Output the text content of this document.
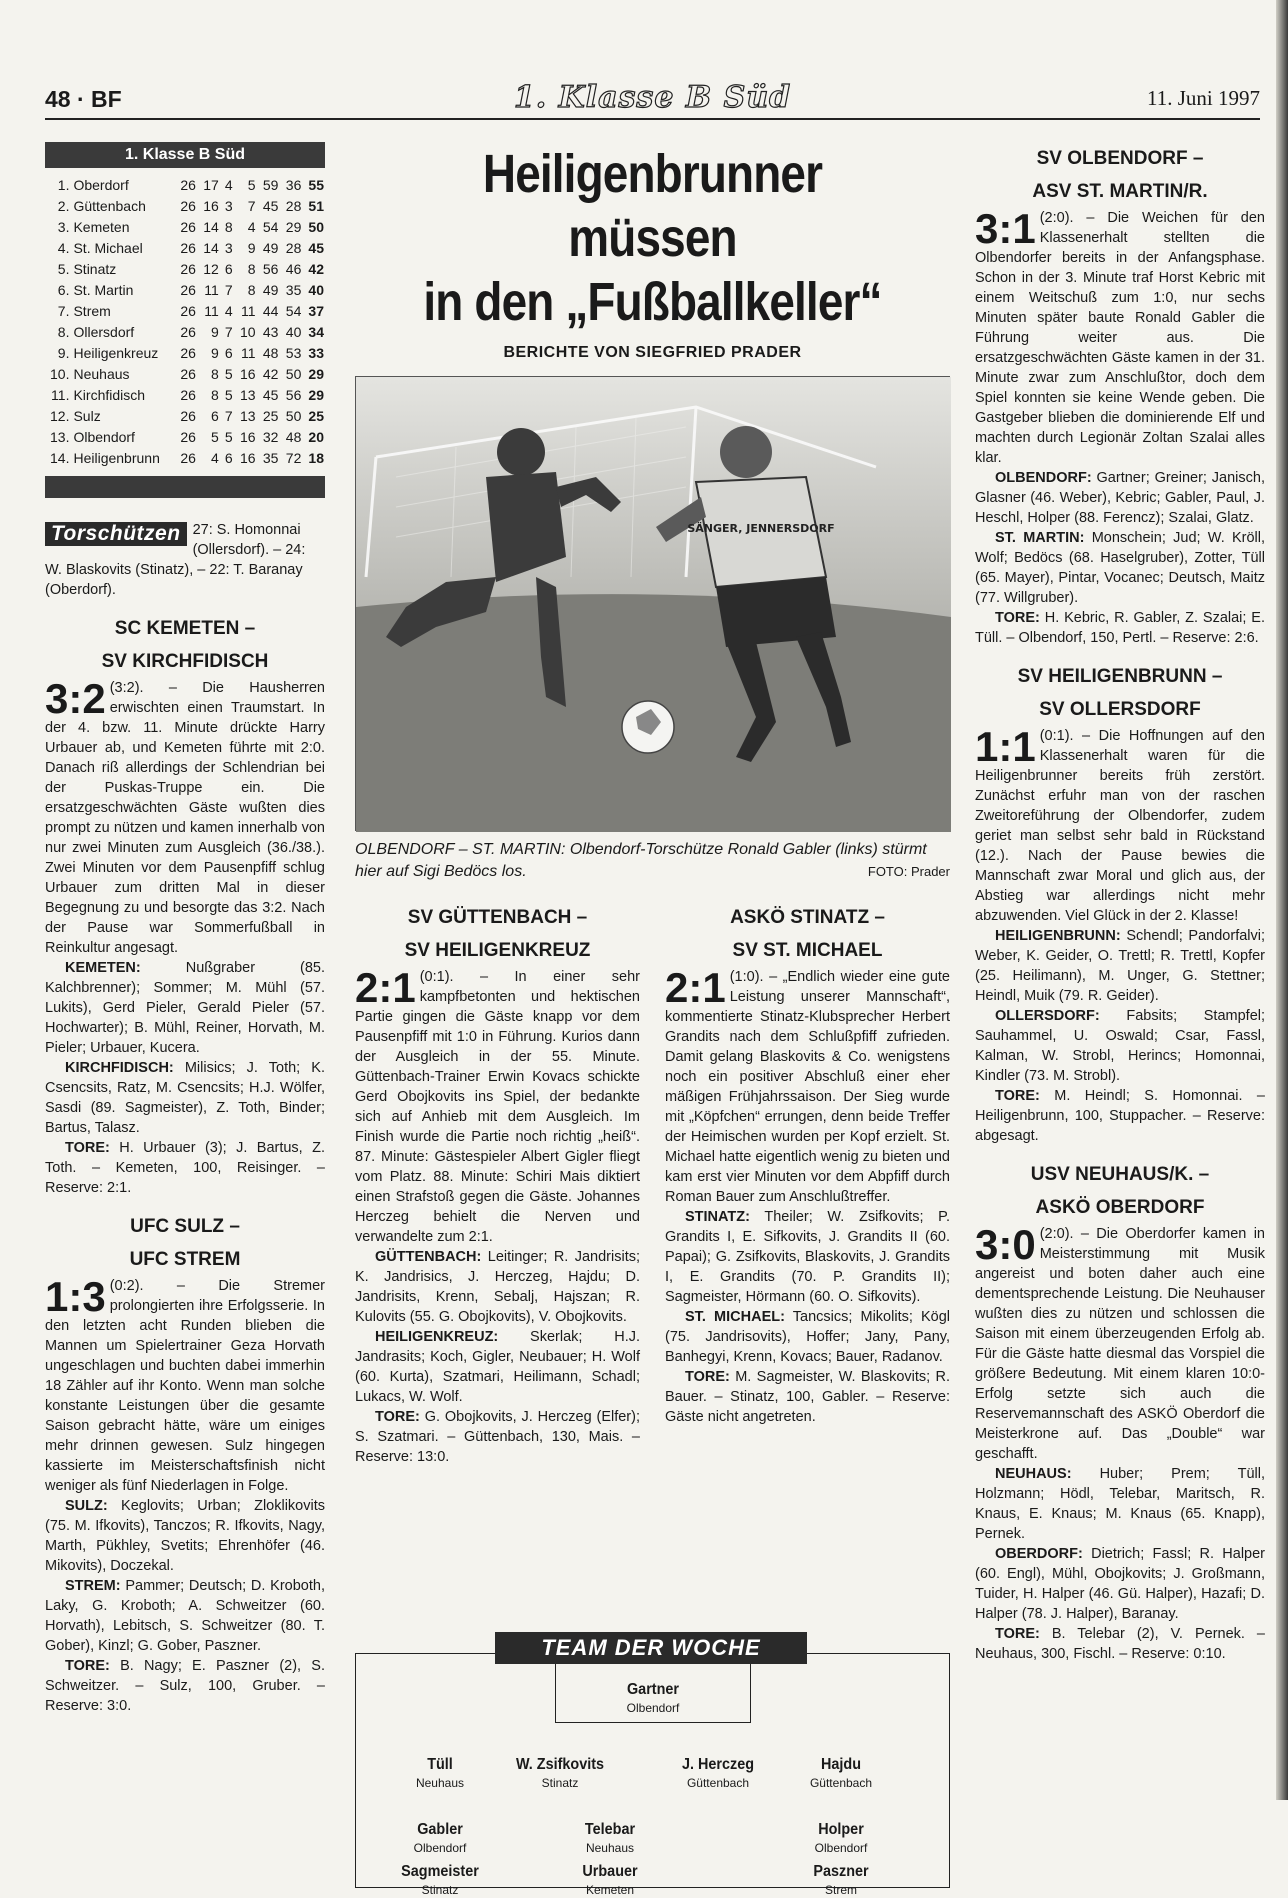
48 · BF	1. Klasse B Süd	11. Juni 1997
1. Klasse B Süd
1.	Oberdorf	26	17	4	5	59	36	55
2.	Güttenbach	26	16	3	7	45	28	51
3.	Kemeten	26	14	8	4	54	29	50
4.	St. Michael	26	14	3	9	49	28	45
5.	Stinatz	26	12	6	8	56	46	42
6.	St. Martin	26	11	7	8	49	35	40
7.	Strem	26	11	4	11	44	54	37
8.	Ollersdorf	26	9	7	10	43	40	34
9.	Heiligenkreuz	26	9	6	11	48	53	33
10.	Neuhaus	26	8	5	16	42	50	29
11.	Kirchfidisch	26	8	5	13	45	56	29
12.	Sulz	26	6	7	13	25	50	25
13.	Olbendorf	26	5	5	16	32	48	20
14.	Heiligenbrunn	26	4	6	16	35	72	18
Torschützen 27: S. Homonnai (Ollersdorf). – 24: W. Blaskovits (Stinatz), – 22: T. Baranay (Oberdorf).
SC KEMETEN –
SV KIRCHFIDISCH
3:2 (3:2). – Die Hausherren erwischten einen Traumstart. In der 4. bzw. 11. Minute drückte Harry Urbauer ab, und Kemeten führte mit 2:0. Danach riß allerdings der Schlendrian bei der Puskas-Truppe ein. Die ersatzgeschwächten Gäste wußten dies prompt zu nützen und kamen innerhalb von nur zwei Minuten zum Ausgleich (36./38.). Zwei Minuten vor dem Pausenpfiff schlug Urbauer zum dritten Mal in dieser Begegnung zu und besorgte das 3:2. Nach der Pause war Sommerfußball in Reinkultur angesagt.
KEMETEN:	Nußgraber (85. Kalchbrenner); Sommer; M. Mühl (57. Lukits), Gerd Pieler, Gerald Pieler (57. Hochwarter); B. Mühl, Reiner, Horvath, M. Pieler; Urbauer, Kucera.
KIRCHFIDISCH: Milisics; J. Toth; K. Csencsits, Ratz, M. Csencsits; H.J. Wölfer, Sasdi (89. Sagmeister), Z. Toth, Binder; Bartus, Talasz.
TORE: H. Urbauer (3); J. Bartus, Z. Toth. – Kemeten, 100, Reisinger. – Reserve: 2:1.
UFC SULZ –
UFC STREM
1:3 (0:2). – Die Stremer prolongierten ihre Erfolgsserie. In den letzten acht Runden blieben die Mannen um Spielertrainer Geza Horvath ungeschlagen und buchten dabei immerhin 18 Zähler auf ihr Konto. Wenn man solche konstante Leistungen über die gesamte Saison gebracht hätte, wäre um einiges mehr drinnen gewesen. Sulz hingegen kassierte im Meisterschaftsfinish nicht weniger als fünf Niederlagen in Folge.
SULZ: Keglovits; Urban; Zloklikovits (75. M. Ifkovits), Tanczos; R. Ifkovits, Nagy, Marth, Pükhley, Svetits; Ehrenhöfer (46. Mikovits), Doczekal.
STREM: Pammer; Deutsch; D. Kroboth, Laky, G. Kroboth; A. Schweitzer (60. Horvath), Lebitsch, S. Schweitzer (80. T. Gober), Kinzl; G. Gober, Paszner.
TORE: B. Nagy; E. Paszner (2), S. Schweitzer. – Sulz, 100, Gruber. – Reserve: 3:0.
Heiligenbrunner müssen
in den „Fußballkeller“
BERICHTE VON SIEGFRIED PRADER
SÄNGER, JENNERSDORF
OLBENDORF – ST. MARTIN: Olbendorf-Torschütze Ronald Gabler (links) stürmt hier auf Sigi Bedöcs los.	FOTO: Prader
SV GÜTTENBACH –
SV HEILIGENKREUZ
2:1 (0:1). – In einer sehr kampfbetonten und hektischen Partie gingen die Gäste knapp vor dem Pausenpfiff mit 1:0 in Führung. Kurios dann der Ausgleich in der 55. Minute. Güttenbach-Trainer Erwin Kovacs schickte Gerd Obojkovits ins Spiel, der bedankte sich auf Anhieb mit dem Ausgleich. Im Finish wurde die Partie noch richtig „heiß“. 87. Minute: Gästespieler Albert Gigler fliegt vom Platz. 88. Minute: Schiri Mais diktiert einen Strafstoß gegen die Gäste. Johannes Herczeg behielt die Nerven und verwandelte zum 2:1.
GÜTTENBACH: Leitinger; R. Jandrisits; K. Jandrisics, J. Herczeg, Hajdu; D. Jandrisits, Krenn, Sebalj, Hajszan; R. Kulovits (55. G. Obojkovits), V. Obojkovits.
HEILIGENKREUZ: Skerlak; H.J. Jandrasits; Koch, Gigler, Neubauer; H. Wolf (60. Kurta), Szatmari, Heilimann, Schadl; Lukacs, W. Wolf.
TORE: G. Obojkovits, J. Herczeg (Elfer); S. Szatmari. – Güttenbach, 130, Mais. – Reserve: 13:0.
ASKÖ STINATZ –
SV ST. MICHAEL
2:1 (1:0). – „Endlich wieder eine gute Leistung unserer Mannschaft“, kommentierte Stinatz-Klubsprecher Herbert Grandits nach dem Schlußpfiff zufrieden. Damit gelang Blaskovits & Co. wenigstens noch ein positiver Abschluß einer eher mäßigen Frühjahrssaison. Der Sieg wurde mit „Köpfchen“ errungen, denn beide Treffer der Heimischen wurden per Kopf erzielt. St. Michael hatte eigentlich wenig zu bieten und kam erst vier Minuten vor dem Abpfiff durch Roman Bauer zum Anschlußtreffer.
STINATZ: Theiler; W. Zsifkovits; P. Grandits I, E. Sifkovits, J. Grandits II (60. Papai); G. Zsifkovits, Blaskovits, J. Grandits I, E. Grandits (70. P. Grandits II); Sagmeister, Hörmann (60. O. Sifkovits).
ST. MICHAEL: Tancsics; Mikolits; Kögl (75. Jandrisovits), Hoffer; Jany, Pany, Banhegyi, Krenn, Kovacs; Bauer, Radanov.
TORE: M. Sagmeister, W. Blaskovits; R. Bauer. – Stinatz, 100, Gabler. – Reserve: Gäste nicht angetreten.
SV OLBENDORF –
ASV ST. MARTIN/R.
3:1 (2:0). – Die Weichen für den Klassenerhalt stellten die Olbendorfer bereits in der Anfangsphase. Schon in der 3. Minute traf Horst Kebric mit einem Weitschuß zum 1:0, nur sechs Minuten später baute Ronald Gabler die Führung weiter aus. Die ersatzgeschwächten Gäste kamen in der 31. Minute zwar zum Anschlußtor, doch dem Spiel konnten sie keine Wende geben. Die Gastgeber blieben die dominierende Elf und machten durch Legionär Zoltan Szalai alles klar.
OLBENDORF: Gartner; Greiner; Janisch, Glasner (46. Weber), Kebric; Gabler, Paul, J. Heschl, Holper (88. Ferencz); Szalai, Glatz.
ST. MARTIN: Monschein; Jud; W. Kröll, Wolf; Bedöcs (68. Haselgruber), Zotter, Tüll (65. Mayer), Pintar, Vocanec; Deutsch, Maitz (77. Willgruber).
TORE: H. Kebric, R. Gabler, Z. Szalai; E. Tüll. – Olbendorf, 150, Pertl. – Reserve: 2:6.
SV HEILIGENBRUNN –
SV OLLERSDORF
1:1 (0:1). – Die Hoffnungen auf den Klassenerhalt waren für die Heiligenbrunner bereits früh zerstört. Zunächst erfuhr man von der raschen Zweitoreführung der Olbendorfer, zudem geriet man selbst sehr bald in Rückstand (12.). Nach der Pause bewies die Mannschaft zwar Moral und glich aus, der Abstieg war allerdings nicht mehr abzuwenden. Viel Glück in der 2. Klasse!
HEILIGENBRUNN: Schendl; Pandorfalvi; Weber, K. Geider, O. Trettl; R. Trettl, Kopfer (25. Heilimann), M. Unger, G. Stettner; Heindl, Muik (79. R. Geider).
OLLERSDORF: Fabsits; Stampfel; Sauhammel, U. Oswald; Csar, Fassl, Kalman, W. Strobl, Herincs; Homonnai, Kindler (73. M. Strobl).
TORE: M. Heindl; S. Homonnai. – Heiligenbrunn, 100, Stuppacher. – Reserve: abgesagt.
USV NEUHAUS/K. –
ASKÖ OBERDORF
3:0 (2:0). – Die Oberdorfer kamen in Meisterstimmung mit Musik angereist und boten daher auch eine dementsprechende Leistung. Die Neuhauser wußten dies zu nützen und schlossen die Saison mit einem überzeugenden Erfolg ab. Für die Gäste hatte diesmal das Vorspiel die größere Bedeutung. Mit einem klaren 10:0-Erfolg setzte sich auch die Reservemannschaft des ASKÖ Oberdorf die Meisterkrone auf. Das „Double“ war geschafft.
NEUHAUS: Huber; Prem; Tüll, Holzmann; Hödl, Telebar, Maritsch, R. Knaus, E. Knaus; M. Knaus (65. Knapp), Pernek.
OBERDORF: Dietrich; Fassl; R. Halper (60. Engl), Mühl, Obojkovits; J. Großmann, Tuider, H. Halper (46. Gü. Halper), Hazafi; D. Halper (78. J. Halper), Baranay.
TORE: B. Telebar (2), V. Pernek. – Neuhaus, 300, Fischl. – Reserve: 0:10.
TEAM DER WOCHE
Gartner
Olbendorf
Tüll
Neuhaus
W. Zsifkovits
Stinatz
J. Herczeg
Güttenbach
Hajdu
Güttenbach
Gabler
Olbendorf
Sagmeister
Stinatz
Telebar
Neuhaus
Urbauer
Kemeten
Holper
Olbendorf
Paszner
Strem
